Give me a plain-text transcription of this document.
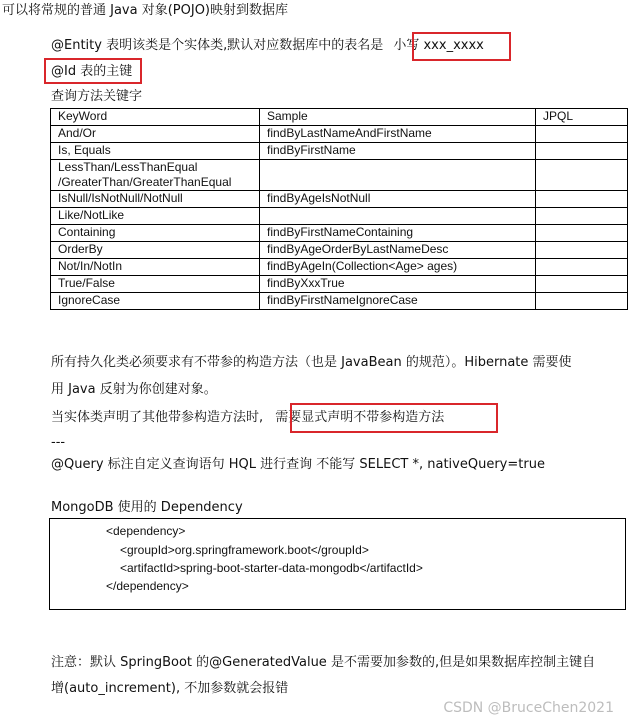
可以将常规的普通 Java 对象(POJO)映射到数据库
@Entity 表明该类是个实体类,默认对应数据库中的表名是 小写 xxx_xxxx
@Id 表的主键
查询方法关键字
KeyWord	Sample	JPQL
And/Or	findByLastNameAndFirstName	
Is, Equals	findByFirstName	
LessThan/LessThanEqual
/GreaterThan/GreaterThanEqual		
IsNull/IsNotNull/NotNull	findByAgeIsNotNull	
Like/NotLike		
Containing	findByFirstNameContaining	
OrderBy	findByAgeOrderByLastNameDesc	
Not/In/NotIn	findByAgeIn(Collection<Age> ages)	
True/False	findByXxxTrue	
IgnoreCase	findByFirstNameIgnoreCase	
所有持久化类必须要求有不带参的构造方法（也是 JavaBean 的规范）。Hibernate 需要使
用 Java 反射为你创建对象。
当实体类声明了其他带参构造方法时, 需要显式声明不带参构造方法
---
@Query 标注自定义查询语句 HQL 进行查询 不能写 SELECT *, nativeQuery=true
MongoDB 使用的 Dependency
<dependency>
<groupId>org.springframework.boot</groupId>
<artifactId>spring-boot-starter-data-mongodb</artifactId>
</dependency>
注意：默认 SpringBoot 的@GeneratedValue 是不需要加参数的,但是如果数据库控制主键自
增(auto_increment), 不加参数就会报错
CSDN @BruceChen2021
